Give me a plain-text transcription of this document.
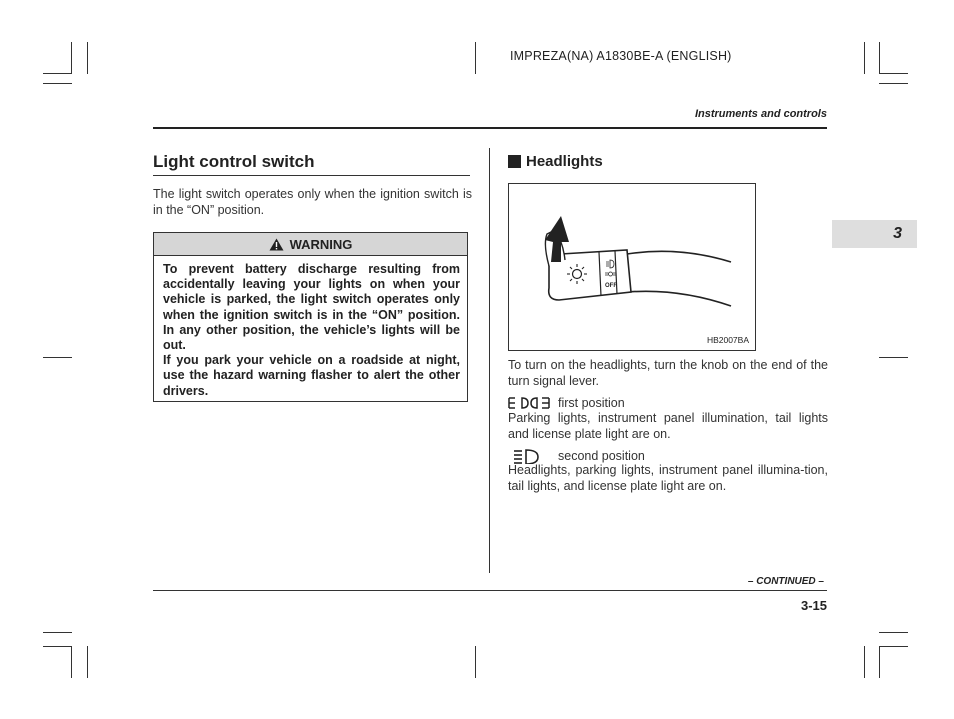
IMPREZA(NA) A1830BE-A (ENGLISH)
Instruments and controls
3
Light control switch
The light switch operates only when the ignition switch is in the “ON” position.
WARNING

To prevent battery discharge resulting from accidentally leaving your lights on when your vehicle is parked, the light switch operates only when the ignition switch is in the “ON” position. In any other position, the vehicle’s lights will be out.

If you park your vehicle on a roadside at night, use the hazard warning flasher to alert the other drivers.

Headlights
OFF
HB2007BA
To turn on the headlights, turn the knob on the end of the turn signal lever.
first position
Parking lights, instrument panel illumination, tail lights and license plate light are on.
second position
Headlights, parking lights, instrument panel illumina-tion, tail lights, and license plate light are on.
– CONTINUED –
3-15
